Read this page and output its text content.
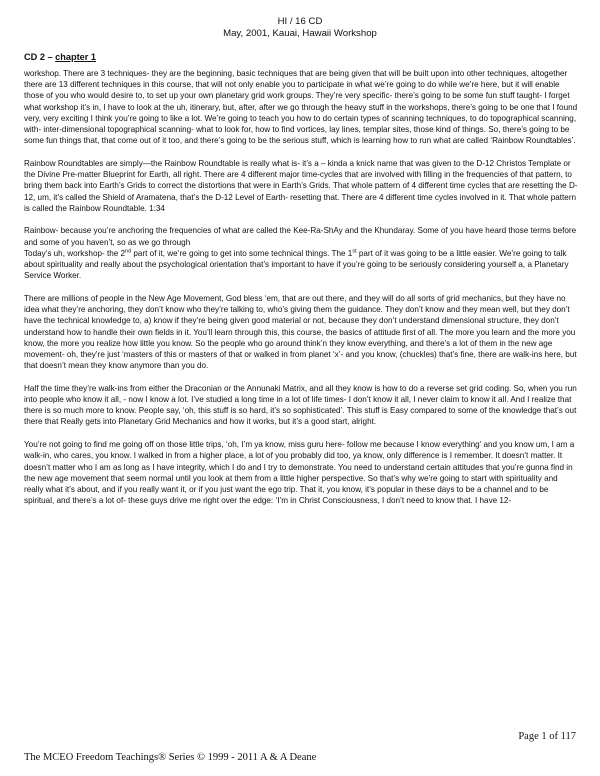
HI / 16 CD
May, 2001, Kauai, Hawaii Workshop
CD 2 – chapter 1

workshop. There are 3 techniques- they are the beginning, basic techniques that are being given that will be built upon into other techniques, altogether there are 13 different techniques in this course, that will not only enable you to participate in what we’re going to do while we’re here, but it will enable those of you who would desire to, to set up your own planetary grid work groups. They’re very specific- there’s going to be some fun stuff taught- I forget what workshop it’s in, I have to look at the uh, itinerary, but, after, after we go through the heavy stuff in the workshops, there’s going to be one that I found very, very exciting I think you’re going to like a lot. We’re going to teach you how to do certain types of scanning techniques, to do topographical scanning, with- inter-dimensional topographical scanning- what to look for, how to find vortices, lay lines, templar sites, those kind of things. So, there’s going to be some fun things that, that come out of it too, and there’s going to be the serious stuff, which is learning how to run what are called ‘Rainbow Roundtables’.

Rainbow Roundtables are simply—the Rainbow Roundtable is really what is- it’s a – kinda a knick name that was given to the D-12 Christos Template or the Divine Pre-matter Blueprint for Earth, all right. There are 4 different major time-cycles that are involved with filling in the frequencies of that pattern, to bring them back into Earth’s Grids to correct the distortions that were in Earth’s Grids. That whole pattern of 4 different time cycles that are resetting the D-12, um, it’s called the Shield of Aramatena, that’s the D-12 Level of Earth- resetting that. There are 4 different time cycles involved in it. That whole pattern is called the Rainbow Roundtable. 1:34

Rainbow- because you’re anchoring the frequencies of what are called the Kee-Ra-ShAy and the Khundaray. Some of you have heard those terms before and some of you haven’t, so as we go through
Today’s uh, workshop- the 2nd part of it, we’re going to get into some technical things. The 1st part of it was going to be a little easier. We’re going to talk about spirituality and really about the psychological orientation that’s important to have if you’re going to be seriously considering yourself a, a Planetary Service Worker.

There are millions of people in the New Age Movement, God bless ‘em, that are out there, and they will do all sorts of grid mechanics, but they have no idea what they’re anchoring, they don’t know who they’re talking to, who’s giving them the guidance. They don’t know and they mean well, but they don’t have the technical knowledge to, a) know if they’re being given good material or not, because they don’t understand dimensional structure, they don’t understand how to handle their own fields in it. You’ll learn through this, this course, the basics of attitude first of all. The more you learn and the more you know, the more you realize how little you know. So the people who go around think’n they know everything, and there’s a lot of them in the new age movement- oh, they’re just ‘masters of this or masters of that or walked in from planet ‘x’- and you know, (chuckles) that’s fine, there are walk-ins here, but that doesn’t mean they know anymore than you do.

Half the time they’re walk-ins from either the Draconian or the Annunaki Matrix, and all they know is how to do a reverse set grid coding. So, when you run into people who know it all, - now I know a lot. I’ve studied a long time in a lot of life times- I don’t know it all, I never claim to know it all. And I realize that there is so much more to know. People say, ‘oh, this stuff is so hard, it’s so sophisticated’. This stuff is Easy compared to some of the knowledge that’s out there that Really gets into Planetary Grid Mechanics and how it works, but it’s a good start, alright.

You’re not going to find me going off on those little trips, ‘oh, I’m ya know, miss guru here- follow me because I know everything’ and you know um, I am a walk-in, who cares, you know. I walked in from a higher place, a lot of you probably did too, ya know, only difference is I remember. It doesn’t matter. It doesn’t matter who I am as long as I have integrity, which I do and I try to demonstrate. You need to understand certain attitudes that you’re gunna find in the new age movement that seem normal until you look at them from a little higher perspective. So that’s why we’re going to start with spirituality and really what it’s about, and if you really want it, or if you just want the ego trip. That it, you know, it’s popular in these days to be a channel and to be spiritual, and there’s a lot of- these guys drive me right over the edge: ‘I’m in Christ Consciousness, I don’t need to know that. I have 12-

Page 1 of 117
The MCEO Freedom Teachings® Series © 1999 - 2011 A & A Deane
